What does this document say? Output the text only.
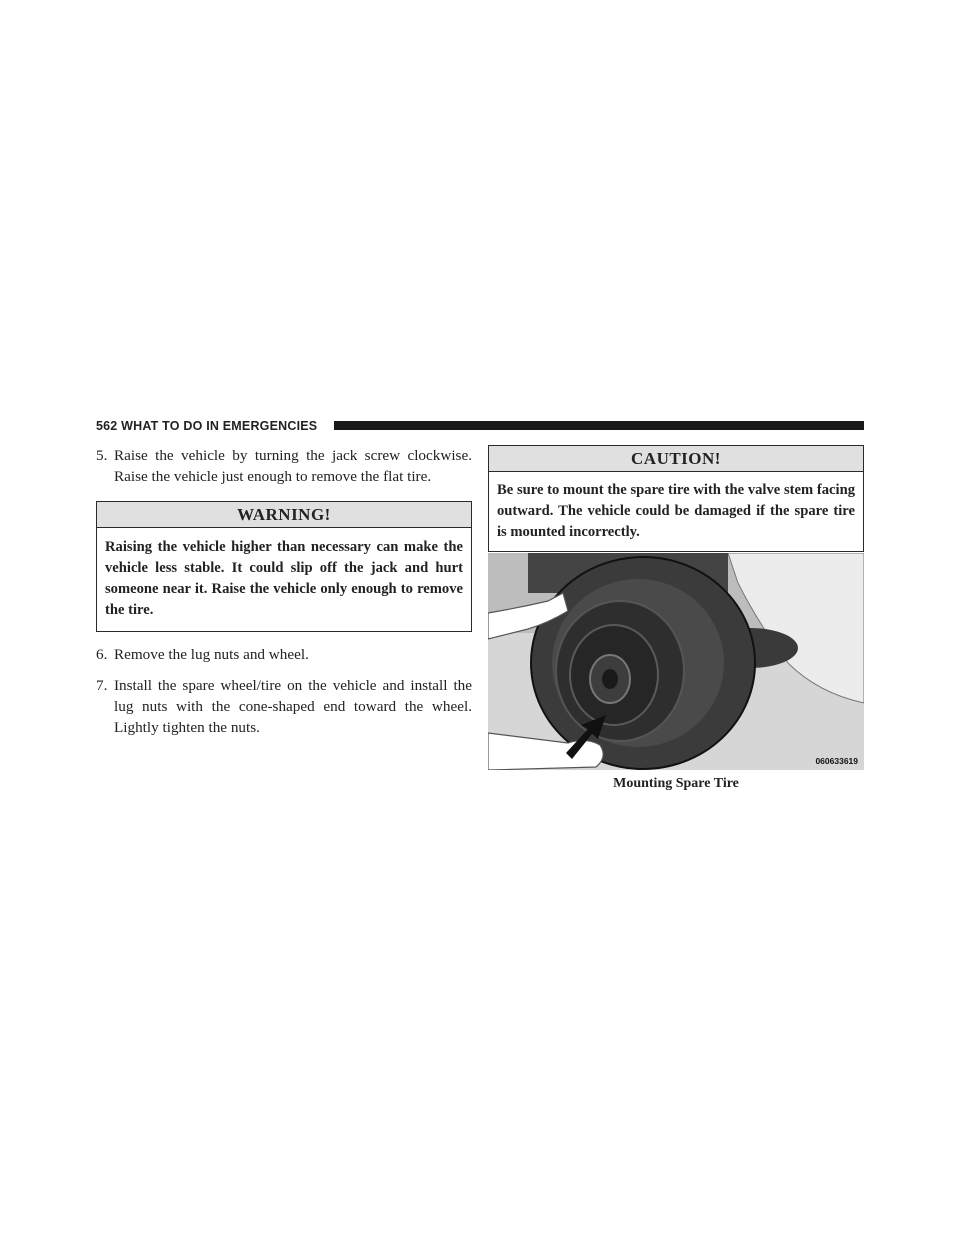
562 WHAT TO DO IN EMERGENCIES

5. Raise the vehicle by turning the jack screw clockwise. Raise the vehicle just enough to remove the flat tire.

WARNING!
Raising the vehicle higher than necessary can make the vehicle less stable. It could slip off the jack and hurt someone near it. Raise the vehicle only enough to remove the tire.

6. Remove the lug nuts and wheel.

7. Install the spare wheel/tire on the vehicle and install the lug nuts with the cone-shaped end toward the wheel. Lightly tighten the nuts.

CAUTION!
Be sure to mount the spare tire with the valve stem facing outward. The vehicle could be damaged if the spare tire is mounted incorrectly.
060633619
Mounting Spare Tire
